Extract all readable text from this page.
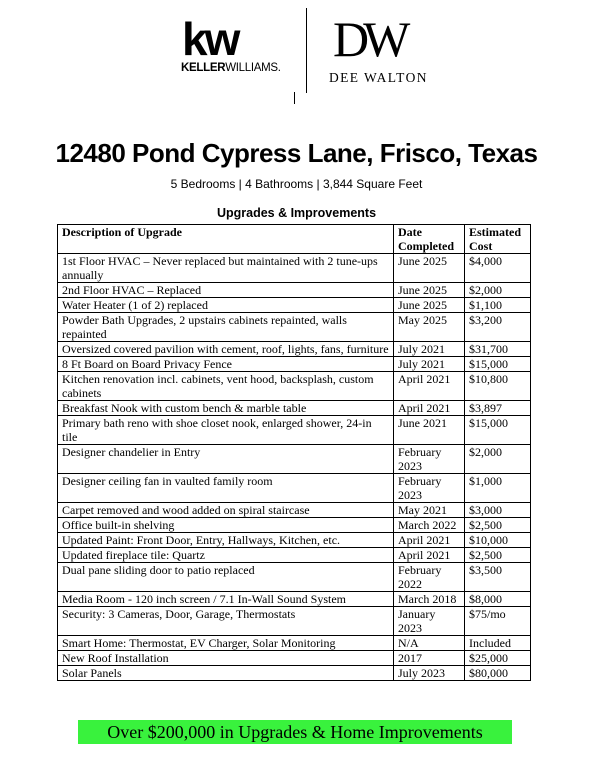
kw
KELLERWILLIAMS.
DW
DEE WALTON
12480 Pond Cypress Lane, Frisco, Texas
5 Bedrooms | 4 Bathrooms | 3,844 Square Feet
Upgrades & Improvements
Description of Upgrade	Date Completed	Estimated Cost
1st Floor HVAC – Never replaced but maintained with 2 tune-ups annually	June 2025	$4,000
2nd Floor HVAC – Replaced	June 2025	$2,000
Water Heater (1 of 2) replaced	June 2025	$1,100
Powder Bath Upgrades, 2 upstairs cabinets repainted, walls repainted	May 2025	$3,200
Oversized covered pavilion with cement, roof, lights, fans, furniture	July 2021	$31,700
8 Ft Board on Board Privacy Fence	July 2021	$15,000
Kitchen renovation incl. cabinets, vent hood, backsplash, custom cabinets	April 2021	$10,800
Breakfast Nook with custom bench & marble table	April 2021	$3,897
Primary bath reno with shoe closet nook, enlarged shower, 24-in tile	June 2021	$15,000
Designer chandelier in Entry	February 2023	$2,000
Designer ceiling fan in vaulted family room	February 2023	$1,000
Carpet removed and wood added on spiral staircase	May 2021	$3,000
Office built-in shelving	March 2022	$2,500
Updated Paint: Front Door, Entry, Hallways, Kitchen, etc.	April 2021	$10,000
Updated fireplace tile: Quartz	April 2021	$2,500
Dual pane sliding door to patio replaced	February 2022	$3,500
Media Room - 120 inch screen / 7.1 In-Wall Sound System	March 2018	$8,000
Security: 3 Cameras, Door, Garage, Thermostats	January 2023	$75/mo
Smart Home: Thermostat, EV Charger, Solar Monitoring	N/A	Included
New Roof Installation	2017	$25,000
Solar Panels	July 2023	$80,000
Over $200,000 in Upgrades & Home Improvements
